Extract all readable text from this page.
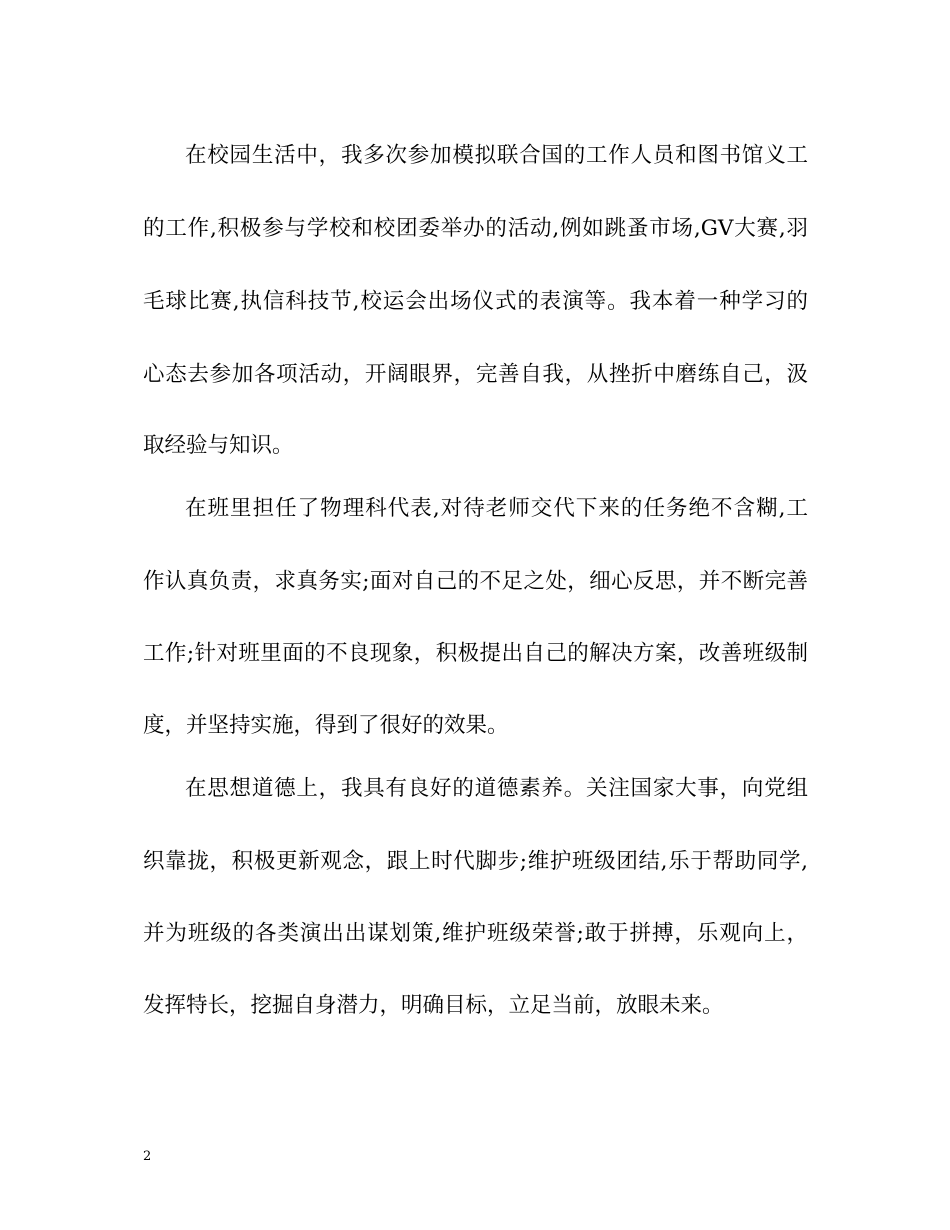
在校园生活中，我多次参加模拟联合国的工作人员和图书馆义工
的工作,积极参与学校和校团委举办的活动,例如跳蚤市场,GV大赛,羽
毛球比赛,执信科技节,校运会出场仪式的表演等。我本着一种学习的
心态去参加各项活动，开阔眼界，完善自我，从挫折中磨练自己，汲
取经验与知识。
在班里担任了物理科代表,对待老师交代下来的任务绝不含糊,工
作认真负责，求真务实;面对自己的不足之处，细心反思，并不断完善
工作;针对班里面的不良现象，积极提出自己的解决方案，改善班级制
度，并坚持实施，得到了很好的效果。
在思想道德上，我具有良好的道德素养。关注国家大事，向党组
织靠拢，积极更新观念，跟上时代脚步;维护班级团结,乐于帮助同学,
并为班级的各类演出出谋划策,维护班级荣誉;敢于拼搏，乐观向上，
发挥特长，挖掘自身潜力，明确目标，立足当前，放眼未来。
2
